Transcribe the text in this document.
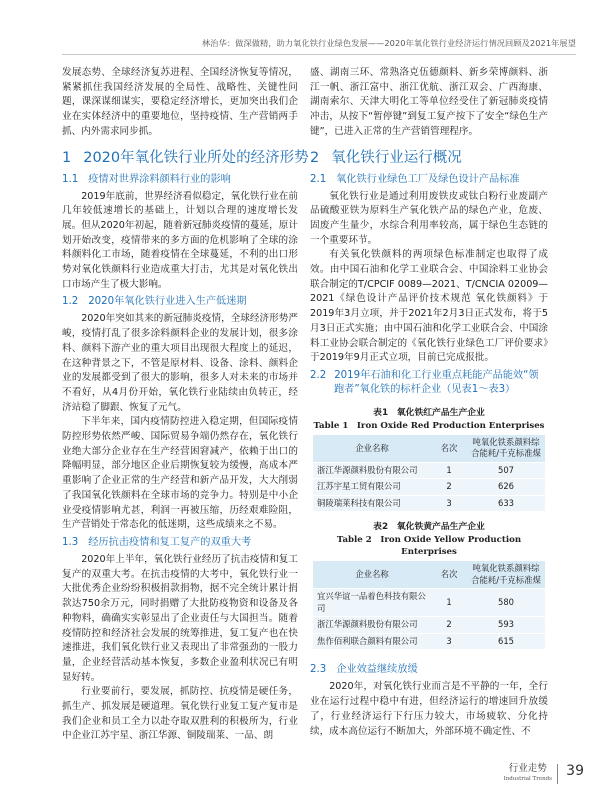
林治华：做深做精，助力氧化铁行业绿色发展——2020年氧化铁行业经济运行情况回顾及2021年展望

发展态势、全球经济复苏进程、全国经济恢复等情况，紧紧抓住我国经济发展的全局性、战略性、关键性问题，课深谋细谋实，要稳定经济增长，更加突出我们企业在实体经济中的重要地位，坚持疫情、生产营销两手抓、内外需求同步抓。

1 2020年氧化铁行业所处的经济形势
1.1 疫情对世界涂料颜料行业的影响

2019年底前，世界经济看似稳定，氧化铁行业在前几年较低速增长的基础上，计划以合理的速度增长发展。但从2020年初起，随着新冠肺炎疫情的蔓延，原计划开始改变，疫情带来的多方面的危机影响了全球的涂料颜料化工市场，随着疫情在全球蔓延，不利的出口形势对氧化铁颜料行业造成重大打击，尤其是对氧化铁出口市场产生了极大影响。

1.2 2020年氧化铁行业进入生产低迷期

2020年突如其来的新冠肺炎疫情，全球经济形势严峻，疫情打乱了很多涂料颜料企业的发展计划，很多涂料、颜料下游产业的重大项目出现很大程度上的延迟，在这种背景之下，不管是原材料、设备、涂料、颜料企业的发展都受到了很大的影响，很多人对未来的市场并不看好，从4月份开始，氧化铁行业陆续由负转正，经济站稳了脚跟、恢复了元气。

下半年来，国内疫情防控进入稳定期，但国际疫情防控形势依然严峻、国际贸易争端仍然存在，氧化铁行业绝大部分企业存在生产经营困窘减产，依赖于出口的降幅明显，部分地区企业后期恢复较为缓慢，高成本严重影响了企业正常的生产经营和新产品开发，大大削弱了我国氧化铁颜料在全球市场的竞争力。特别是中小企业受疫情影响尤甚，利润一再被压缩，历经艰难险阻，生产营销处于常态化的低迷期，这些成绩来之不易。

1.3 经历抗击疫情和复工复产的双重大考

2020年上半年，氧化铁行业经历了抗击疫情和复工复产的双重大考。在抗击疫情的大考中，氧化铁行业一大批优秀企业纷纷积极捐款捐物，据不完全统计累计捐款达750余万元，同时捐赠了大批防疫物资和设备及各种物料，确确实实彰显出了企业责任与大国担当。随着疫情防控和经济社会发展的统筹推进，复工复产也在快速推进，我们氧化铁行业又表现出了非常强劲的一股力量，企业经营活动基本恢复，多数企业盈利状况已有明显好转。

行业要前行，要发展，抓防控、抗疫情是硬任务，抓生产、抓发展是硬道理。氧化铁行业复工复产复市是我们企业和员工全力以赴夺取双胜利的积极所为，行业中企业江苏宇星、浙江华源、铜陵瑞莱、一品、朗

盛、湖南三环、常熟洛克伍德颜料、新乡荣博颜料、浙江一帆、浙江富中、浙江优航、浙江双会、广西海康、湖南索尔、天津大明化工等单位经受住了新冠肺炎疫情冲击，从按下“暂停键”到复工复产按下了安全“绿色生产键”，已进入正常的生产营销管理程序。

2 氧化铁行业运行概况
2.1 氧化铁行业绿色工厂及绿色设计产品标准

氧化铁行业是通过利用废铁皮或钛白粉行业废副产品硫酸亚铁为原料生产氧化铁产品的绿色产业，危废、固废产生量少，水综合利用率较高，属于绿色生态链的一个重要环节。

有关氧化铁颜料的两项绿色标准制定也取得了成效。由中国石油和化学工业联合会、中国涂料工业协会联合制定的T/CPCIF 0089—2021、T/CNCIA 02009—2021《绿色设计产品评价技术规范 氧化铁颜料》于2019年3月立项，并于2021年2月3日正式发布，将于5月3日正式实施；由中国石油和化学工业联合会、中国涂料工业协会联合制定的《氧化铁行业绿色工厂评价要求》于2019年9月正式立项，目前已完成报批。

2.2 2019年石油和化工行业重点耗能产品能效“领跑者”氧化铁的标杆企业（见表1～表3）
表1　氧化铁红产品生产企业
Table 1　Iron Oxide Red Production Enterprises
企业名称	名次	吨氧化铁系颜料综合能耗/千克标准煤
浙江华源颜料股份有限公司	1	507
江苏宇星工贸有限公司	2	626
铜陵瑞莱科技有限公司	3	633
表2　氧化铁黄产品生产企业
Table 2　Iron Oxide Yellow Production Enterprises
企业名称	名次	吨氧化铁系颜料综合能耗/千克标准煤
宜兴华谊一品着色科技有限公司	1	580
浙江华源颜料股份有限公司	2	593
焦作佰利联合颜料有限公司	3	615
2.3 企业效益继续放缓

2020年，对氧化铁行业而言是不平静的一年，全行业在运行过程中稳中有进，但经济运行的增速回升放缓了，行业经济运行下行压力较大，市场疲软、分化持续，成本高位运行不断加大，外部环境不确定性、不

行业走势
Industrial Trends 39
